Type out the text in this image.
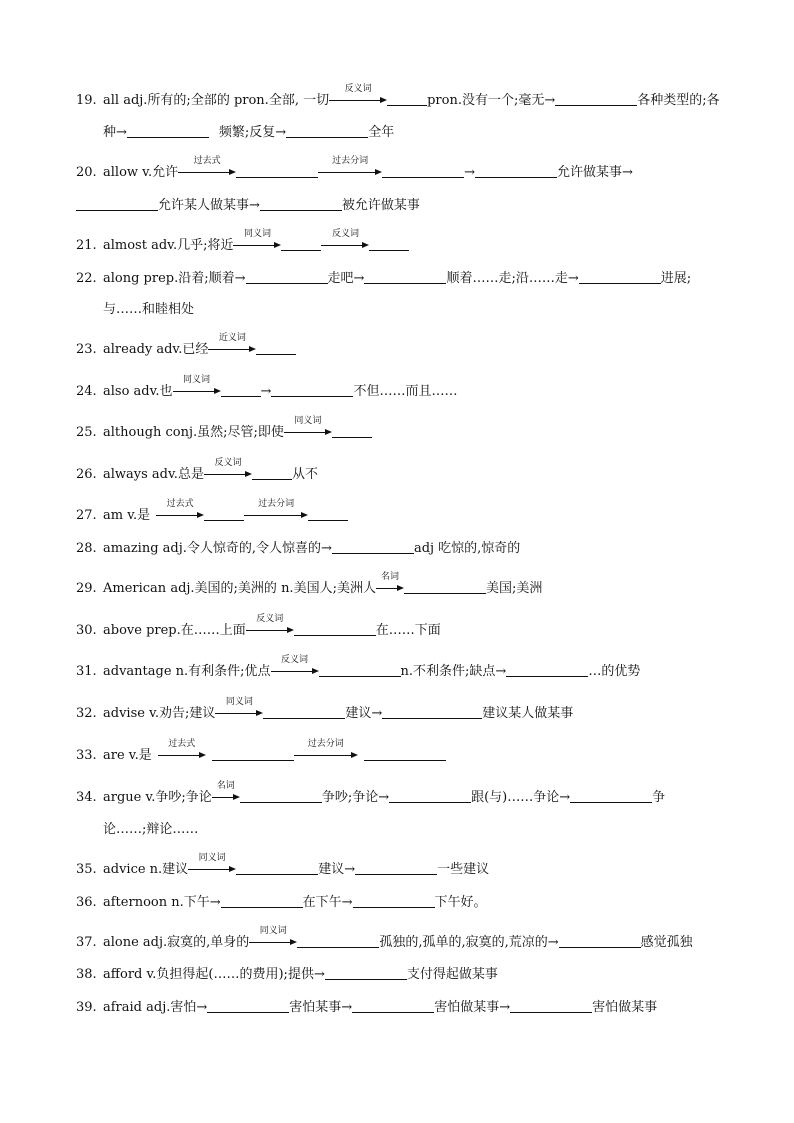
19. all adj.所有的;全部的 pron.全部, 一切
反义词
pron.没有一个;毫无→	各种类型的;各
种→	频繁;反复→	全年
20. allow v.允许
过去式	过去分词
→	允许做某事→
允许某人做某事→	被允许做某事
21. almost adv.几乎;将近
同义词	反义词
22. along prep.沿着;顺着→	走吧→	顺着……走;沿……走→	进展;
与……和睦相处
23. already adv.已经
近义词
24. also adv.也
同义词
→	不但……而且……
25. although conj.虽然;尽管;即使
同义词
26. always adv.总是
反义词
从不
27. am v.是
过去式	过去分词
28. amazing adj.令人惊奇的,令人惊喜的→	adj 吃惊的,惊奇的
29. American adj.美国的;美洲的 n.美国人;美洲人
名词
美国;美洲
30. above prep.在……上面
反义词
在……下面
31. advantage n.有利条件;优点
反义词
n.不利条件;缺点→	…的优势
32. advise v.劝告;建议
同义词
建议→	建议某人做某事
33. are v.是
过去式	过去分词
34. argue v.争吵;争论
名词
争吵;争论→	跟(与)……争论→	争
论……;辩论……
35. advice n.建议
同义词
建议→	一些建议
36. afternoon n.下午→	在下午→	下午好。
37. alone adj.寂寞的,单身的
同义词
孤独的,孤单的,寂寞的,荒凉的→	感觉孤独
38. afford v.负担得起(……的费用);提供→	支付得起做某事
39. afraid adj.害怕→	害怕某事→	害怕做某事→	害怕做某事
